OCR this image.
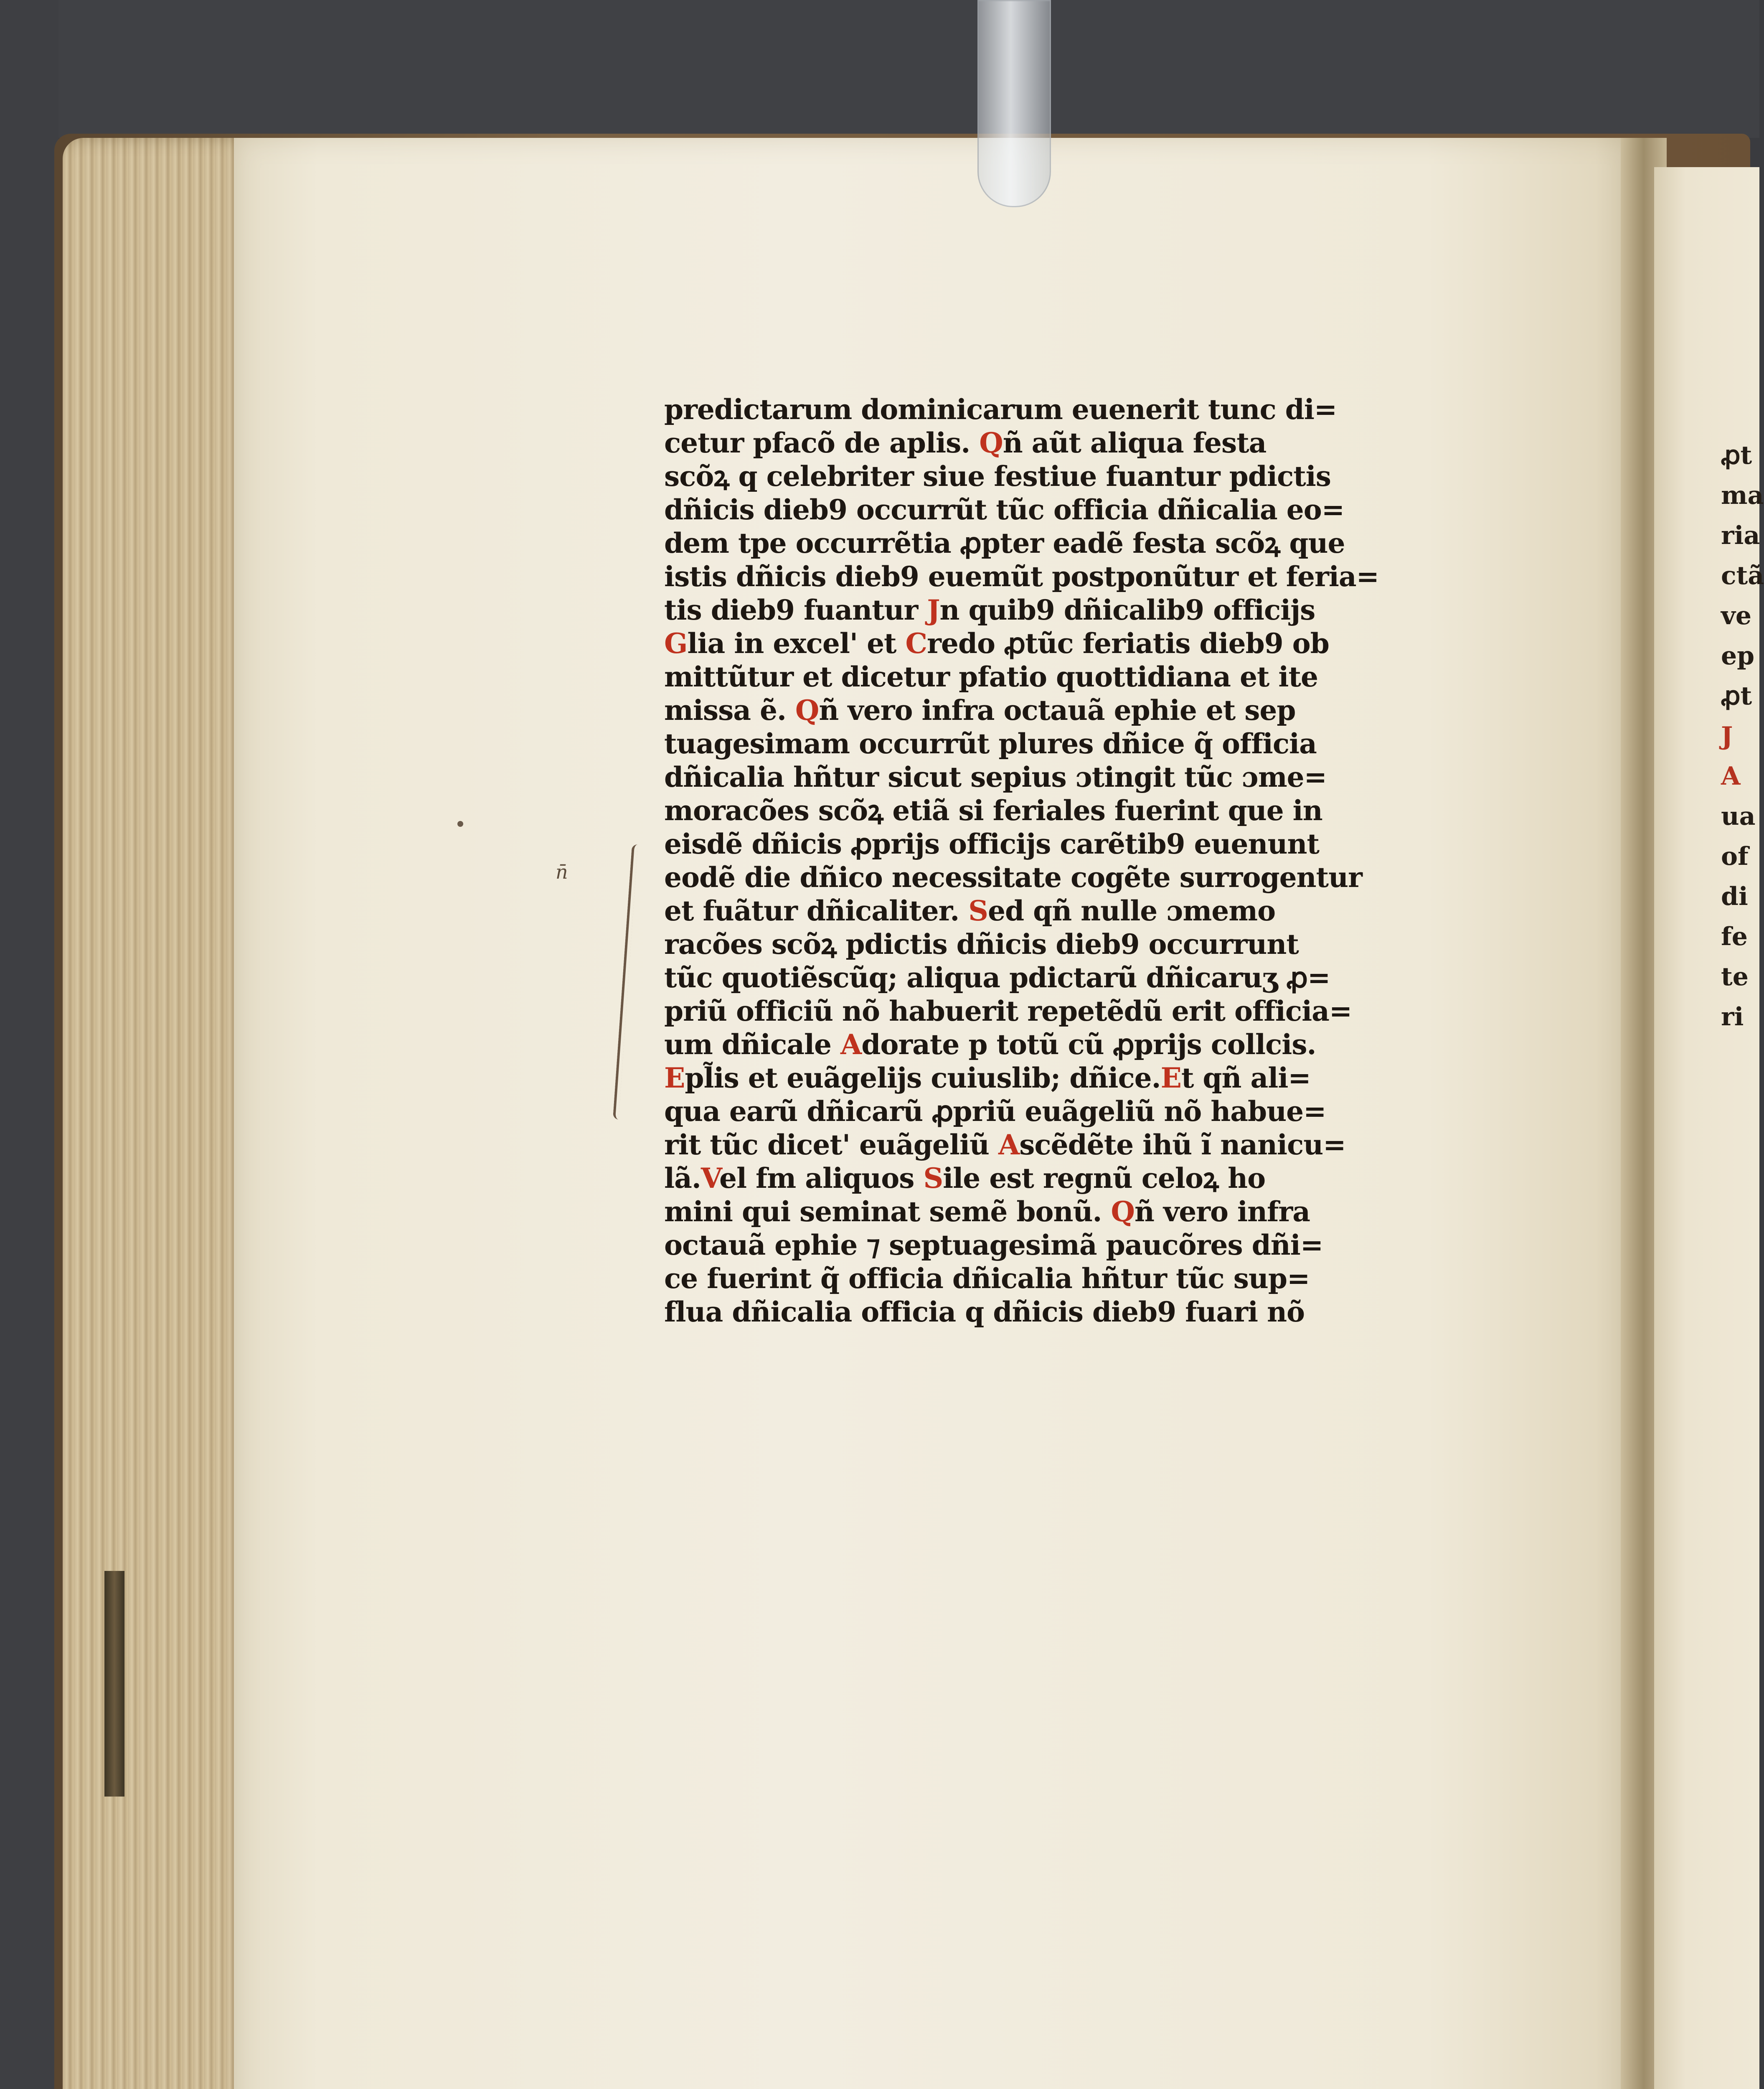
ꝓt
ma
ria
ctã
ve
ep
ꝓt
J
A
ua
of
di
fe
te
ri
predictarum dominicarum euenerit tunc di=
cetur pfacõ de aplis. Qñ aũt aliqua festa
scõꝝ q celebriter siue festiue fuantur pdictis
dñicis dieb9 occurrũt tũc officia dñicalia eo=
dem tpe occurrẽtia ꝓpter eadẽ festa scõꝝ que
istis dñicis dieb9 euemũt postponũtur et feria=
tis dieb9 fuantur Jn quib9 dñicalib9 officijs
Glia in excel' et Credo ꝓtũc feriatis dieb9 ob
mittũtur et dicetur pfatio quottidiana et ite
missa ẽ. Qñ vero infra octauã ephie et sep
tuagesimam occurrũt plures dñice q̃ officia
dñicalia hñtur sicut sepius ɔtingit tũc ɔme=
moracões scõꝝ etiã si feriales fuerint que in
eisdẽ dñicis ꝓprijs officijs carẽtib9 euenunt
eodẽ die dñico necessitate cogẽte surrogentur
et fuãtur dñicaliter. Sed qñ nulle ɔmemo
racões scõꝝ pdictis dñicis dieb9 occurrunt
tũc quotiẽscũq; aliqua pdictarũ dñicaruʒ ꝓ=
priũ officiũ nõ habuerit repetẽdũ erit officia=
um dñicale Adorate p totũ cũ ꝓprijs collcis.
Epl̃is et euãgelijs cuiuslib; dñice.Et qñ ali=
qua earũ dñicarũ ꝓpriũ euãgeliũ nõ habue=
rit tũc dicet' euãgeliũ Ascẽdẽte ihũ ĩ nanicu=
lã.Vel fm aliquos Sile est regnũ celoꝝ ho
mini qui seminat semẽ bonũ. Qñ vero infra
octauã ephie ⁊ septuagesimã paucõres dñi=
ce fuerint q̃ officia dñicalia hñtur tũc sup=
flua dñicalia officia q dñicis dieb9 fuari nõ
n̄
